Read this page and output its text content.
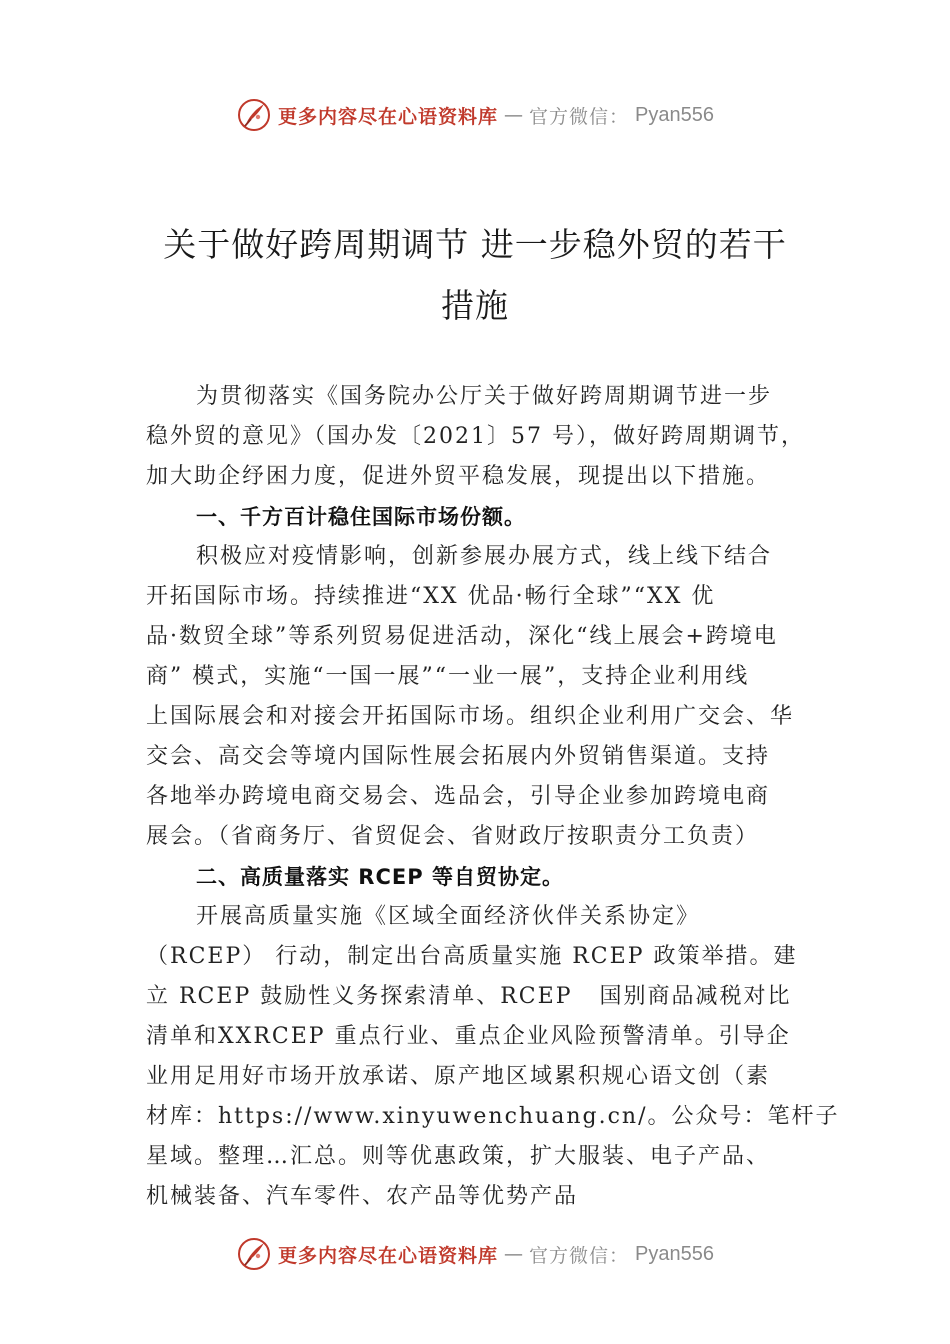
更多内容尽在心语资料库 — 官方微信： Pyan556
关于做好跨周期调节 进一步稳外贸的若干
措施
为贯彻落实《国务院办公厅关于做好跨周期调节进一步
稳外贸的意见》（国办发〔2021〕57 号），做好跨周期调节，
加大助企纾困力度，促进外贸平稳发展，现提出以下措施。
一、千方百计稳住国际市场份额。
积极应对疫情影响，创新参展办展方式，线上线下结合
开拓国际市场。持续推进“XX 优品·畅行全球”“XX 优
品·数贸全球”等系列贸易促进活动，深化“线上展会+跨境电
商” 模式，实施“一国一展”“一业一展”，支持企业利用线
上国际展会和对接会开拓国际市场。组织企业利用广交会、华
交会、高交会等境内国际性展会拓展内外贸销售渠道。支持
各地举办跨境电商交易会、选品会，引导企业参加跨境电商
展会。（省商务厅、省贸促会、省财政厅按职责分工负责）
二、高质量落实 RCEP 等自贸协定。
开展高质量实施《区域全面经济伙伴关系协定》
（RCEP） 行动，制定出台高质量实施 RCEP 政策举措。建
立 RCEP 鼓励性义务探索清单、RCEP   国别商品减税对比
清单和XXRCEP 重点行业、重点企业风险预警清单。引导企
业用足用好市场开放承诺、原产地区域累积规心语文创（素
材库：https://www.xinyuwenchuang.cn/。公众号：笔杆子
星域。整理…汇总。则等优惠政策，扩大服装、电子产品、
机械装备、汽车零件、农产品等优势产品
更多内容尽在心语资料库 — 官方微信： Pyan556
